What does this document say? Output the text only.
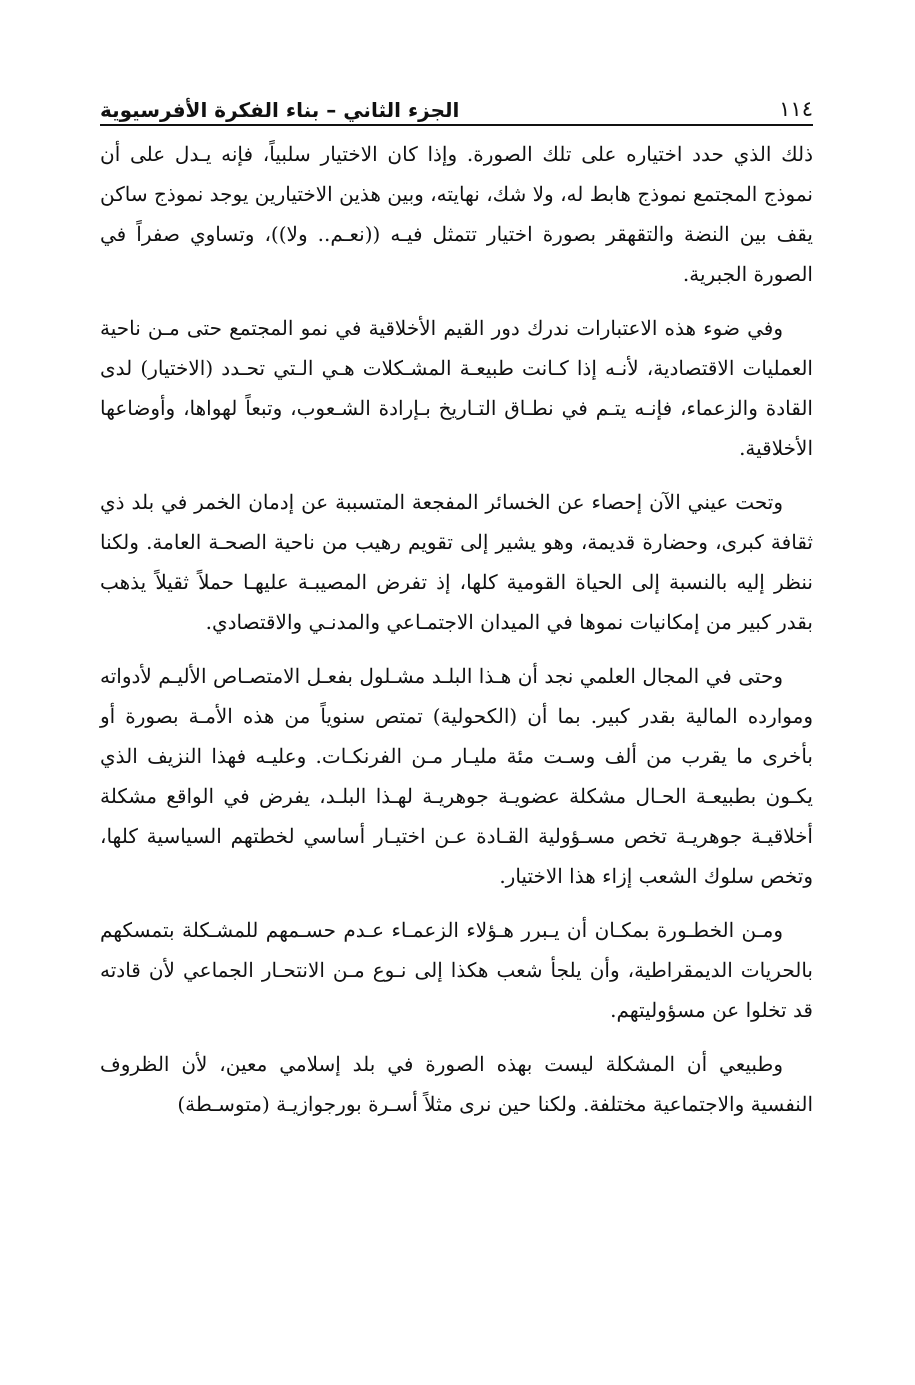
١١٤
الجزء الثاني – بناء الفكرة الأفرسيوية

ذلك الذي حدد اختياره على تلك الصورة. وإذا كان الاختيار سلبياً، فإنه يـدل على أن نموذج المجتمع نموذج هابط له، ولا شك، نهايته، وبين هذين الاختيارين يوجد نموذج ساكن يقف بين النضة والتقهقر بصورة اختيار تتمثل فيـه ((نعـم.. ولا))، وتساوي صفراً في الصورة الجبرية.

وفي ضوء هذه الاعتبارات ندرك دور القيم الأخلاقية في نمو المجتمع حتى مـن ناحية العمليات الاقتصادية، لأنـه إذا كـانت طبيعـة المشـكلات هـي الـتي تحـدد (الاختيار) لدى القادة والزعماء، فإنـه يتـم في نطـاق التـاريخ بـإرادة الشـعوب، وتبعاً لهواها، وأوضاعها الأخلاقية.

وتحت عيني الآن إحصاء عن الخسائر المفجعة المتسببة عن إدمان الخمر في بلد ذي ثقافة كبرى، وحضارة قديمة، وهو يشير إلى تقويم رهيب من ناحية الصحـة العامة. ولكنا ننظر إليه بالنسبة إلى الحياة القومية كلها، إذ تفرض المصيبـة عليهـا حملاً ثقيلاً يذهب بقدر كبير من إمكانيات نموها في الميدان الاجتمـاعي والمدنـي والاقتصادي.

وحتى في المجال العلمي نجد أن هـذا البلـد مشـلول بفعـل الامتصـاص الأليـم لأدواته وموارده المالية بقدر كبير. بما أن (الكحولية) تمتص سنوياً من هذه الأمـة بصورة أو بأخرى ما يقرب من ألف وسـت مئة مليـار مـن الفرنكـات. وعليـه فهذا النزيف الذي يكـون بطبيعـة الحـال مشكلة عضويـة جوهريـة لهـذا البلـد، يفرض في الواقع مشكلة أخلاقيـة جوهريـة تخص مسـؤولية القـادة عـن اختيـار أساسي لخطتهم السياسية كلها، وتخص سلوك الشعب إزاء هذا الاختيار.

ومـن الخطـورة بمكـان أن يـبرر هـؤلاء الزعمـاء عـدم حسـمهم للمشـكلة بتمسكهم بالحريات الديمقراطية، وأن يلجأ شعب هكذا إلى نـوع مـن الانتحـار الجماعي لأن قادته قد تخلوا عن مسؤوليتهم.

وطبيعي أن المشكلة ليست بهذه الصورة في بلد إسلامي معين، لأن الظروف النفسية والاجتماعية مختلفة. ولكنا حين نرى مثلاً أسـرة بورجوازيـة (متوسـطة)
